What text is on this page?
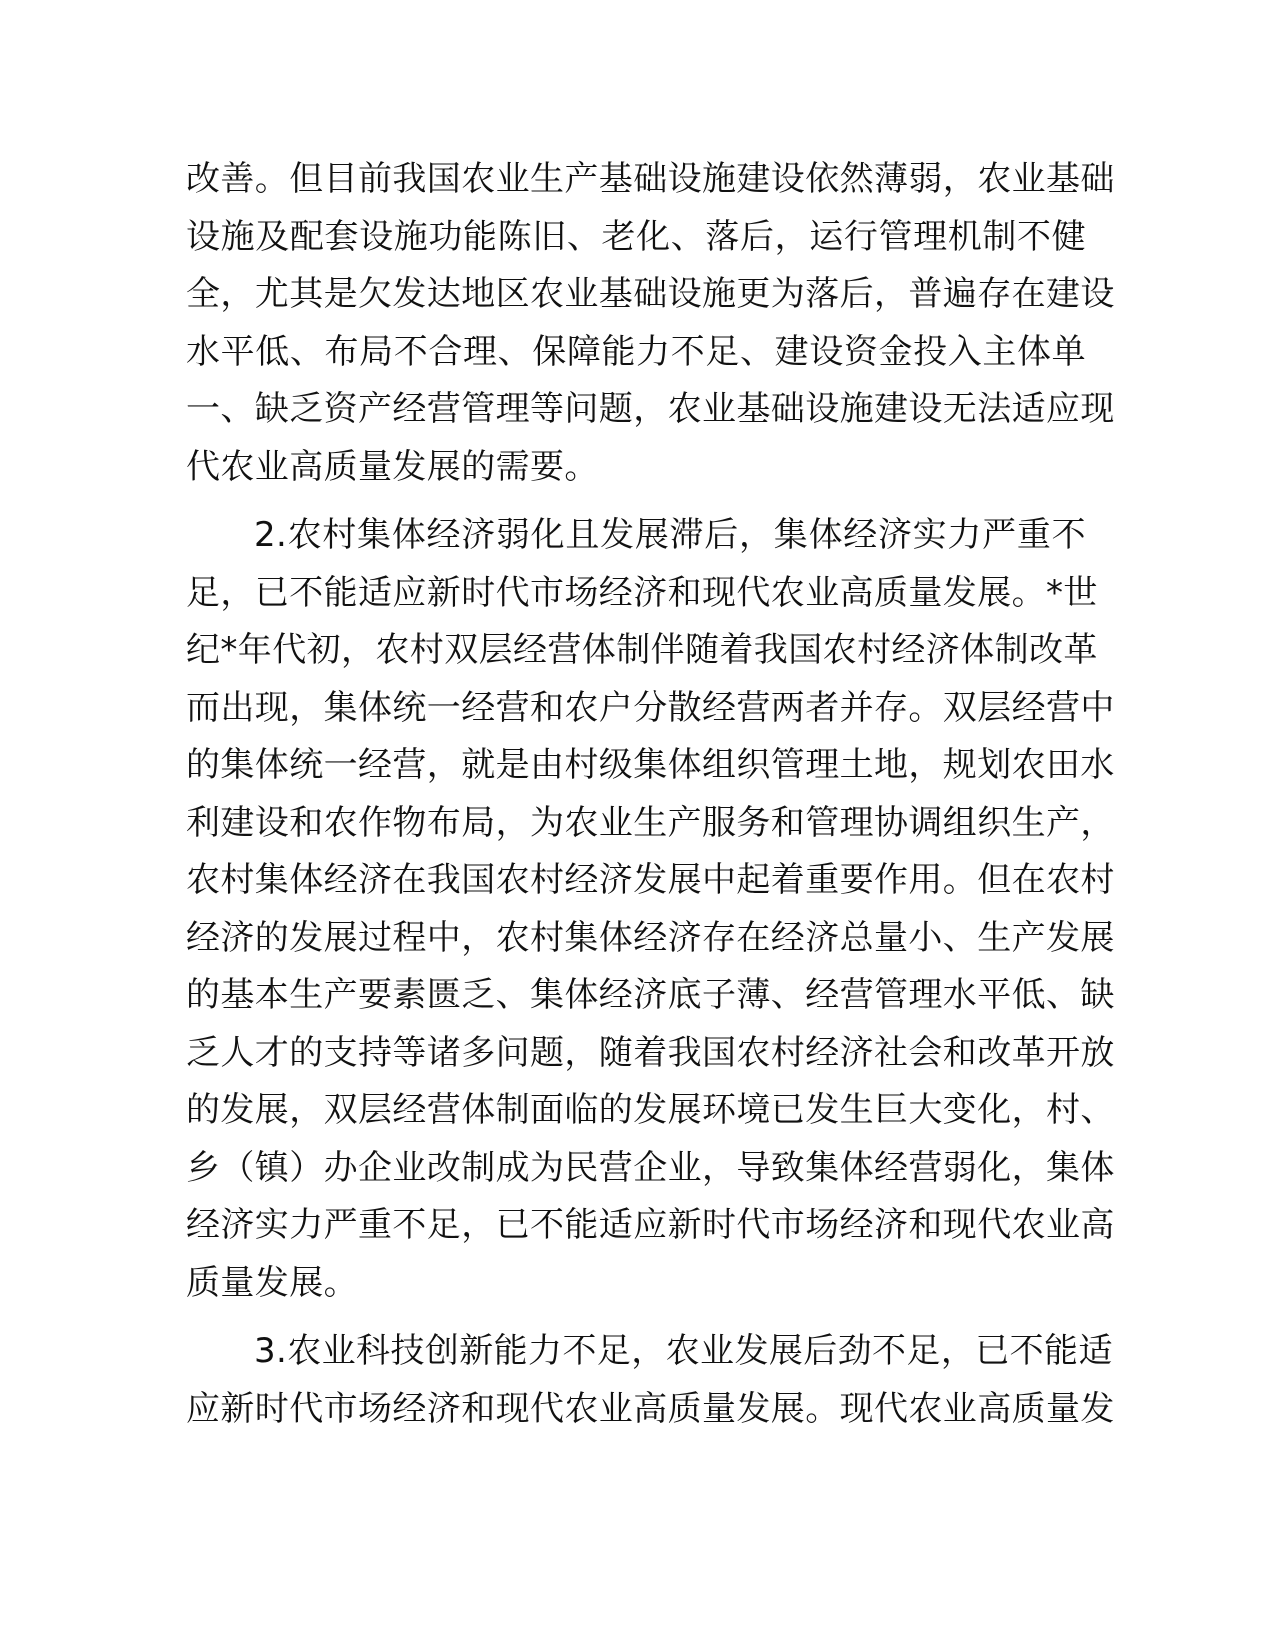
改善。但目前我国农业生产基础设施建设依然薄弱，农业基础
设施及配套设施功能陈旧、老化、落后，运行管理机制不健
全，尤其是欠发达地区农业基础设施更为落后，普遍存在建设
水平低、布局不合理、保障能力不足、建设资金投入主体单
一、缺乏资产经营管理等问题，农业基础设施建设无法适应现
代农业高质量发展的需要。

2.农村集体经济弱化且发展滞后，集体经济实力严重不
足，已不能适应新时代市场经济和现代农业高质量发展。*世
纪*年代初，农村双层经营体制伴随着我国农村经济体制改革
而出现，集体统一经营和农户分散经营两者并存。双层经营中
的集体统一经营，就是由村级集体组织管理土地，规划农田水
利建设和农作物布局，为农业生产服务和管理协调组织生产，
农村集体经济在我国农村经济发展中起着重要作用。但在农村
经济的发展过程中，农村集体经济存在经济总量小、生产发展
的基本生产要素匮乏、集体经济底子薄、经营管理水平低、缺
乏人才的支持等诸多问题，随着我国农村经济社会和改革开放
的发展，双层经营体制面临的发展环境已发生巨大变化，村、
乡（镇）办企业改制成为民营企业，导致集体经营弱化，集体
经济实力严重不足，已不能适应新时代市场经济和现代农业高
质量发展。

3.农业科技创新能力不足，农业发展后劲不足，已不能适
应新时代市场经济和现代农业高质量发展。现代农业高质量发
